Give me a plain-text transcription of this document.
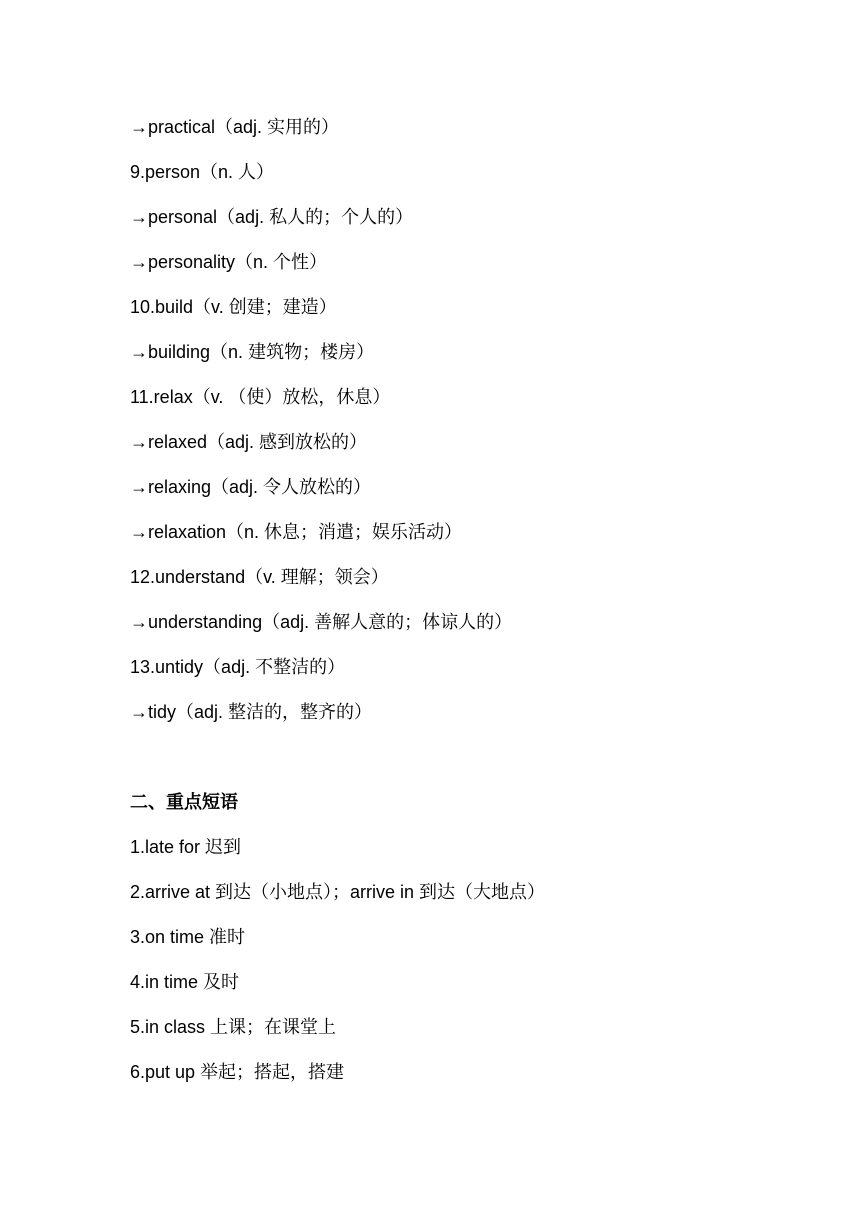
→practical（adj. 实用的）
9.person（n. 人）
→personal（adj. 私人的；个人的）
→personality（n. 个性）
10.build（v. 创建；建造）
→building（n. 建筑物；楼房）
11.relax（v. （使）放松，休息）
→relaxed（adj. 感到放松的）
→relaxing（adj. 令人放松的）
→relaxation（n. 休息；消遣；娱乐活动）
12.understand（v. 理解；领会）
→understanding（adj. 善解人意的；体谅人的）
13.untidy（adj. 不整洁的）
→tidy（adj. 整洁的，整齐的）
二、重点短语
1.late for 迟到
2.arrive at 到达（小地点）；arrive in 到达（大地点）
3.on time 准时
4.in time 及时
5.in class 上课；在课堂上
6.put up 举起；搭起，搭建
